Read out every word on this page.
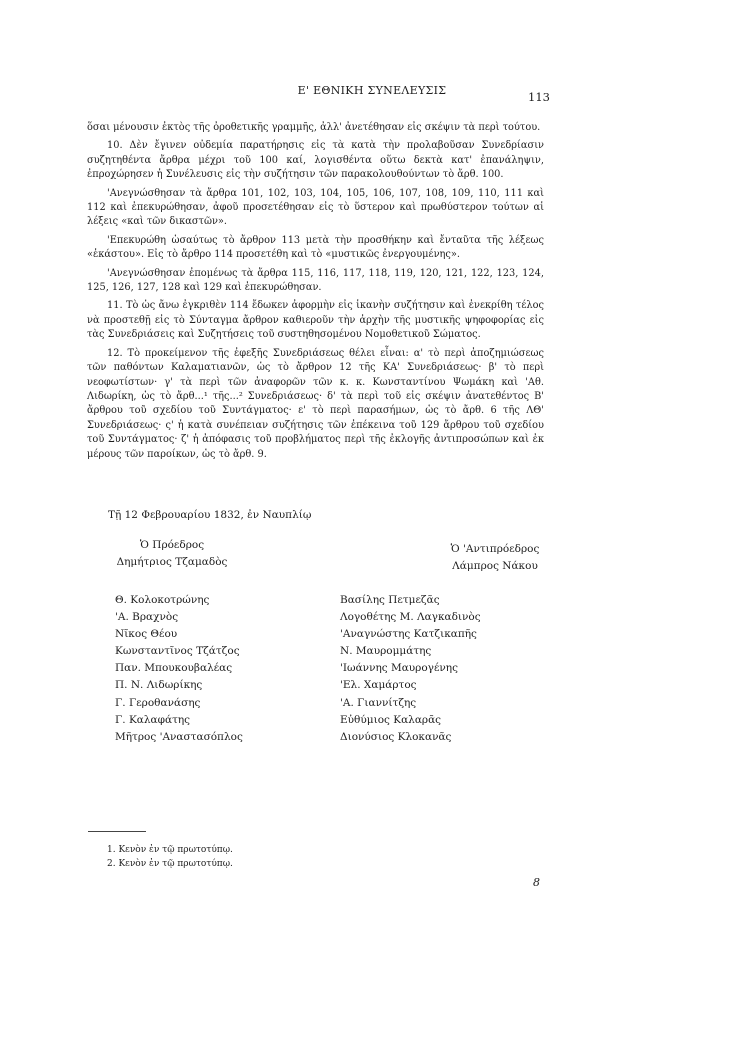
Ε' ΕΘΝΙΚΗ ΣΥΝΕΛΕΥΣΙΣ	113

ὅσαι μένουσιν ἐκτὸς τῆς ὀροθετικῆς γραμμῆς, ἀλλ' ἀνετέθησαν εἰς σκέψιν τὰ περὶ τούτου.

10. Δὲν ἔγινεν οὐδεμία παρατήρησις εἰς τὰ κατὰ τὴν προλαβοῦσαν Συνεδρίασιν συζητηθέντα ἄρθρα μέχρι τοῦ 100 καί, λογισθέντα οὕτω δεκτὰ κατ' ἐπανάληψιν, ἐπροχώρησεν ἡ Συνέλευσις εἰς τὴν συζήτησιν τῶν παρακολουθούντων τὸ ἄρθ. 100.

'Ανεγνώσθησαν τὰ ἄρθρα 101, 102, 103, 104, 105, 106, 107, 108, 109, 110, 111 καὶ 112 καὶ ἐπεκυρώθησαν, ἀφοῦ προσετέθησαν εἰς τὸ ὕστερον καὶ πρωθύστερον τούτων αἱ λέξεις «καὶ τῶν δικαστῶν».

'Επεκυρώθη ὡσαύτως τὸ ἄρθρον 113 μετὰ τὴν προσθήκην καὶ ἔνταῦτα τῆς λέξεως «ἑκάστου». Εἰς τὸ ἄρθρο 114 προσετέθη καὶ τὸ «μυστικῶς ἐνεργουμένης».

'Ανεγνώσθησαν ἐπομένως τὰ ἄρθρα 115, 116, 117, 118, 119, 120, 121, 122, 123, 124, 125, 126, 127, 128 καὶ 129 καὶ ἐπεκυρώθησαν.

11. Τὸ ὡς ἄνω ἐγκριθὲν 114 ἔδωκεν ἀφορμὴν εἰς ἱκανὴν συζήτησιν καὶ ἐνεκρίθη τέλος νὰ προστεθῇ εἰς τὸ Σύνταγμα ἄρθρον καθιεροῦν τὴν ἀρχὴν τῆς μυστικῆς ψηφοφορίας εἰς τὰς Συνεδριάσεις καὶ Συζητήσεις τοῦ συστηθησομένου Νομοθετικοῦ Σώματος.

12. Τὸ προκείμενον τῆς ἐφεξῆς Συνεδριάσεως θέλει εἶναι: α' τὸ περὶ ἀποζημιώσεως τῶν παθόντων Καλαματιανῶν, ὡς τὸ ἄρθρον 12 τῆς ΚΑ' Συνεδριάσεως· β' τὸ περὶ νεοφωτίστων· γ' τὰ περὶ τῶν ἀναφορῶν τῶν κ. κ. Κωνσταντίνου Ψωμάκη καὶ 'Αθ. Λιδωρίκη, ὡς τὸ ἄρθ...¹ τῆς...² Συνεδριάσεως· δ' τὰ περὶ τοῦ εἰς σκέψιν ἀνατεθέντος Β' ἄρθρου τοῦ σχεδίου τοῦ Συντάγματος· ε' τὸ περὶ παρασήμων, ὡς τὸ ἄρθ. 6 τῆς ΛΘ' Συνεδριάσεως· ς' ἡ κατὰ συνέπειαν συζήτησις τῶν ἐπέκεινα τοῦ 129 ἄρθρου τοῦ σχεδίου τοῦ Συντάγματος· ζ' ἡ ἀπόφασις τοῦ προβλήματος περὶ τῆς ἐκλογῆς ἀντιπροσώπων καὶ ἐκ μέρους τῶν παροίκων, ὡς τὸ ἄρθ. 9.

Τῇ 12 Φεβρουαρίου 1832, ἐν Ναυπλίῳ
Ὁ Πρόεδρος
Δημήτριος Τζαμαδὸς
Ὁ 'Αντιπρόεδρος
Λάμπρος Νάκου
Θ. Κολοκοτρώνης
'Α. Βραχνὸς
Νῖκος Θέου
Κωνσταντῖνος Τζάτζος
Παν. Μπουκουβαλέας
Π. Ν. Λιδωρίκης
Γ. Γεροθανάσης
Γ. Καλαφάτης
Μῆτρος 'Αναστασόπλος
Βασίλης Πετμεζᾶς
Λογοθέτης Μ. Λαγκαδινὸς
'Αναγνώστης Κατζικαπῆς
Ν. Μαυρομμάτης
'Ιωάννης Μαυρογένης
'Ελ. Χαμάρτος
'Α. Γιαννίτζης
Εὐθύμιος Καλαρᾶς
Διονύσιος Κλοκανᾶς
1. Κενὸν ἐν τῷ πρωτοτύπῳ.
2. Κενὸν ἐν τῷ πρωτοτύπῳ.
8
